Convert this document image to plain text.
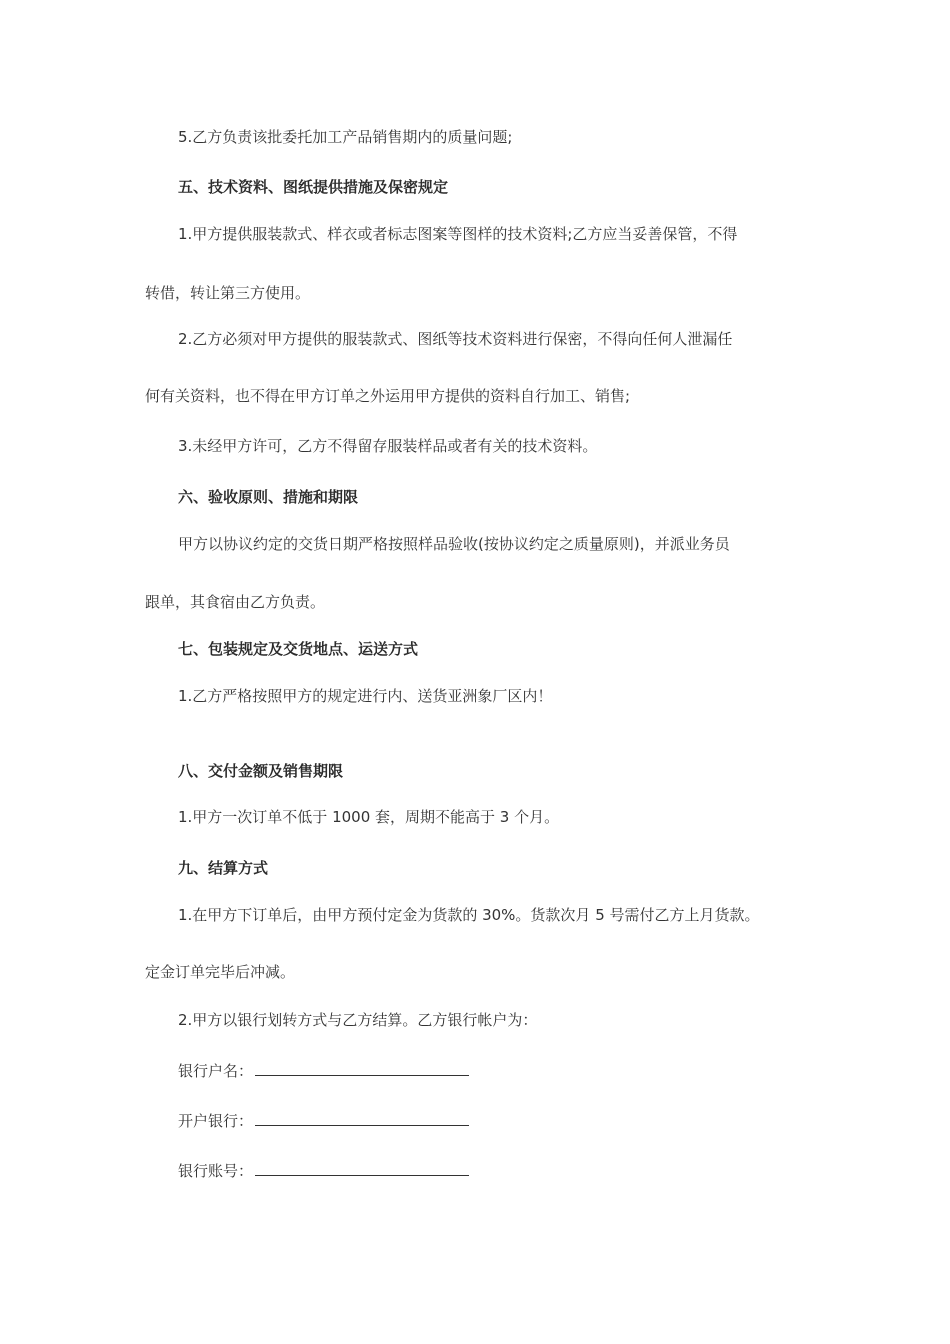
5.乙方负责该批委托加工产品销售期内的质量问题;
五、技术资料、图纸提供措施及保密规定
1.甲方提供服装款式、样衣或者标志图案等图样的技术资料;乙方应当妥善保管，不得
转借，转让第三方使用。
2.乙方必须对甲方提供的服装款式、图纸等技术资料进行保密，不得向任何人泄漏任
何有关资料，也不得在甲方订单之外运用甲方提供的资料自行加工、销售;
3.未经甲方许可，乙方不得留存服装样品或者有关的技术资料。
六、验收原则、措施和期限
甲方以协议约定的交货日期严格按照样品验收(按协议约定之质量原则)，并派业务员
跟单，其食宿由乙方负责。
七、包装规定及交货地点、运送方式
1.乙方严格按照甲方的规定进行内、送货亚洲象厂区内！
八、交付金额及销售期限
1.甲方一次订单不低于 1000 套，周期不能高于 3 个月。
九、结算方式
1.在甲方下订单后，由甲方预付定金为货款的 30%。货款次月 5 号需付乙方上月货款。
定金订单完毕后冲减。
2.甲方以银行划转方式与乙方结算。乙方银行帐户为：
银行户名：
开户银行：
银行账号：
